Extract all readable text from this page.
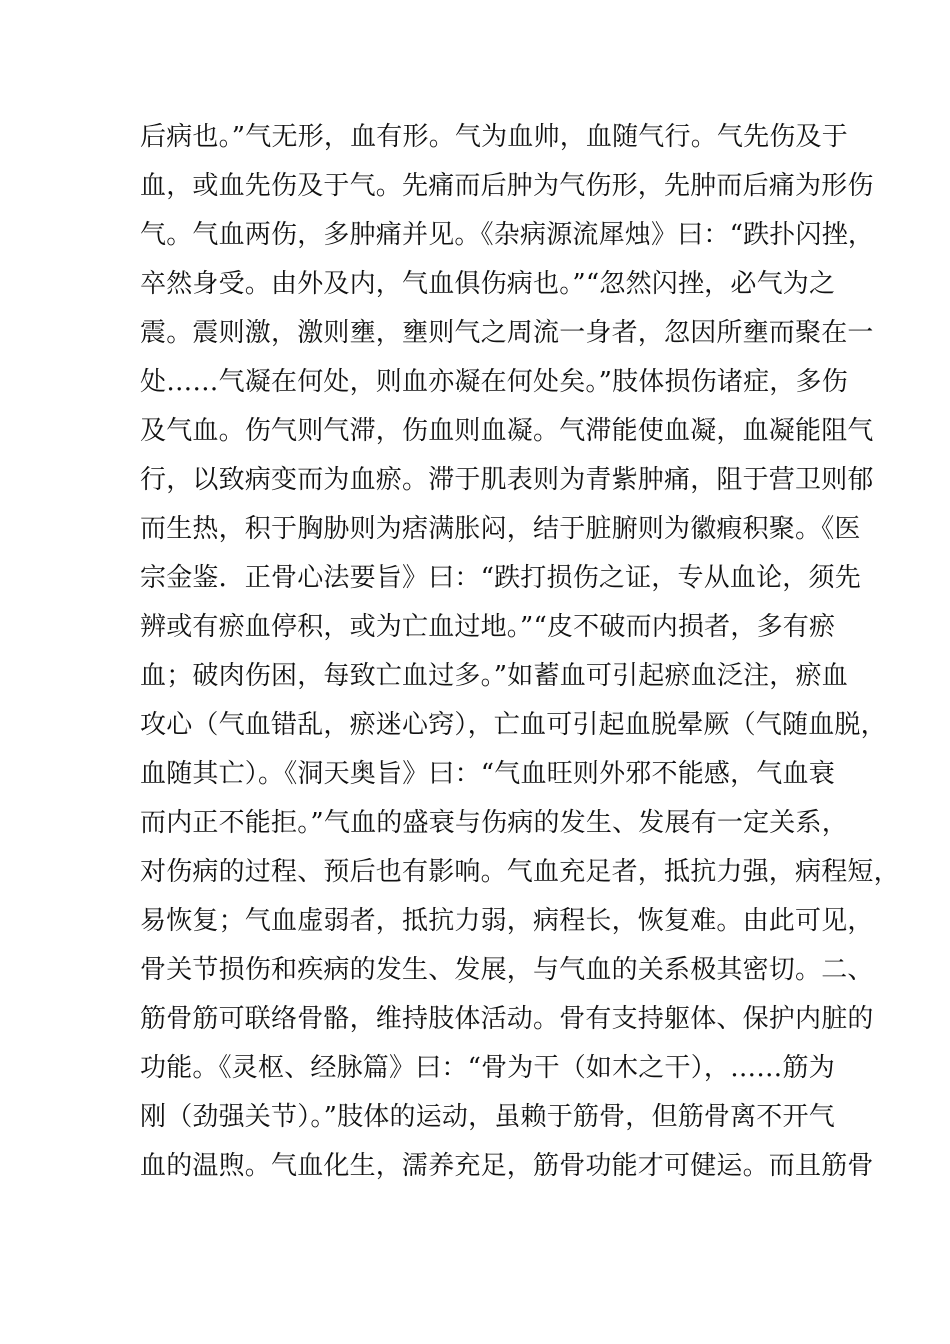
后病也。”气无形，血有形。气为血帅，血随气行。气先伤及于
血，或血先伤及于气。先痛而后肿为气伤形，先肿而后痛为形伤
气。气血两伤，多肿痛并见。《杂病源流犀烛》曰：“跌扑闪挫，
卒然身受。由外及内，气血俱伤病也。”“忽然闪挫，必气为之
震。震则激，激则壅，壅则气之周流一身者，忽因所壅而聚在一
处……气凝在何处，则血亦凝在何处矣。”肢体损伤诸症，多伤
及气血。伤气则气滞，伤血则血凝。气滞能使血凝，血凝能阻气
行，以致病变而为血瘀。滞于肌表则为青紫肿痛，阻于营卫则郁
而生热，积于胸胁则为痞满胀闷，结于脏腑则为徽瘕积聚。《医
宗金鉴．正骨心法要旨》曰：“跌打损伤之证，专从血论，须先
辨或有瘀血停积，或为亡血过地。”“皮不破而内损者，多有瘀
血；破肉伤困，每致亡血过多。”如蓄血可引起瘀血泛注，瘀血
攻心（气血错乱，瘀迷心窍），亡血可引起血脱晕厥（气随血脱，
血随其亡）。《洞天奥旨》曰：“气血旺则外邪不能感，气血衰
而内正不能拒。”气血的盛衰与伤病的发生、发展有一定关系，
对伤病的过程、预后也有影响。气血充足者，抵抗力强，病程短，
易恢复；气血虚弱者，抵抗力弱，病程长，恢复难。由此可见，
骨关节损伤和疾病的发生、发展，与气血的关系极其密切。二、
筋骨筋可联络骨骼，维持肢体活动。骨有支持躯体、保护内脏的
功能。《灵枢、经脉篇》曰：“骨为干（如木之干），……筋为
刚（劲强关节）。”肢体的运动，虽赖于筋骨，但筋骨离不开气
血的温煦。气血化生，濡养充足，筋骨功能才可健运。而且筋骨
